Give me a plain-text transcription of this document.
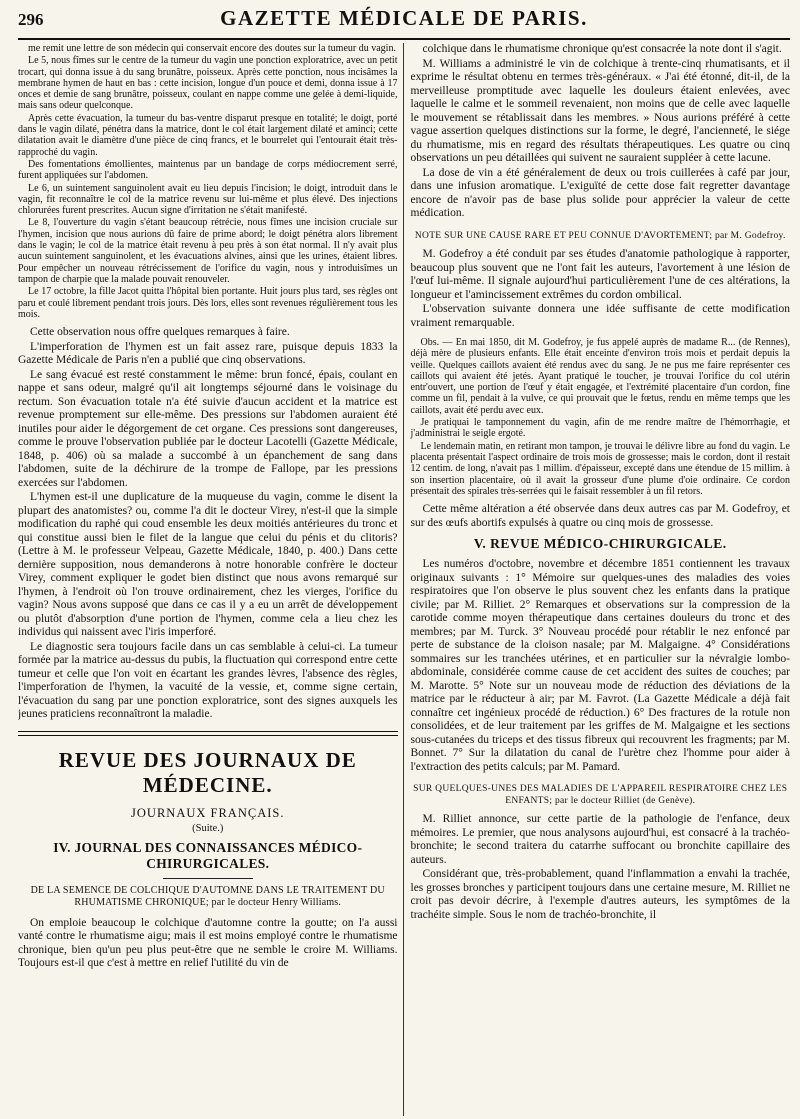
296	GAZETTE MÉDICALE DE PARIS.

me remit une lettre de son médecin qui conservait encore des doutes sur la tumeur du vagin.

Le 5, nous fîmes sur le centre de la tumeur du vagin une ponction exploratrice, avec un petit trocart, qui donna issue à du sang brunâtre, poisseux. Après cette ponction, nous incisâmes la membrane hymen de haut en bas : cette incision, longue d'un pouce et demi, donna issue à 17 onces et demie de sang brunâtre, poisseux, coulant en nappe comme une gelée à demi-liquide, mais sans odeur quelconque.

Après cette évacuation, la tumeur du bas-ventre disparut presque en totalité; le doigt, porté dans le vagin dilaté, pénétra dans la matrice, dont le col était largement dilaté et aminci; cette dilatation avait le diamètre d'une pièce de cinq francs, et le bourrelet qui l'entourait était très-rapproché du vagin.

Des fomentations émollientes, maintenus par un bandage de corps médiocrement serré, furent appliquées sur l'abdomen.

Le 6, un suintement sanguinolent avait eu lieu depuis l'incision; le doigt, introduit dans le vagin, fit reconnaître le col de la matrice revenu sur lui-même et plus élevé. Des injections chlorurées furent prescrites. Aucun signe d'irritation ne s'était manifesté.

Le 8, l'ouverture du vagin s'étant beaucoup rétrécie, nous fîmes une incision cruciale sur l'hymen, incision que nous aurions dû faire de prime abord; le doigt pénétra alors librement dans le vagin; le col de la matrice était revenu à peu près à son état normal. Il n'y avait plus aucun suintement sanguinolent, et les évacuations alvines, ainsi que les urines, étaient libres. Pour empêcher un nouveau rétrécissement de l'orifice du vagin, nous y introduisîmes un tampon de charpie que la malade pouvait renouveler.

Le 17 octobre, la fille Jacot quitta l'hôpital bien portante. Huit jours plus tard, ses règles ont paru et coulé librement pendant trois jours. Dès lors, elles sont revenues régulièrement tous les mois.

Cette observation nous offre quelques remarques à faire.

L'imperforation de l'hymen est un fait assez rare, puisque depuis 1833 la Gazette Médicale de Paris n'en a publié que cinq observations.

Le sang évacué est resté constamment le même: brun foncé, épais, coulant en nappe et sans odeur, malgré qu'il ait longtemps séjourné dans le voisinage du rectum. Son évacuation totale n'a été suivie d'aucun accident et la matrice est revenue promptement sur elle-même. Des pressions sur l'abdomen auraient été inutiles pour aider le dégorgement de cet organe. Ces pressions sont dangereuses, comme le prouve l'observation publiée par le docteur Lacotelli (Gazette Médicale, 1848, p. 406) où sa malade a succombé à un épanchement de sang dans l'abdomen, suite de la déchirure de la trompe de Fallope, par les pressions exercées sur l'abdomen.

L'hymen est-il une duplicature de la muqueuse du vagin, comme le disent la plupart des anatomistes? ou, comme l'a dit le docteur Virey, n'est-il que la simple modification du raphé qui coud ensemble les deux moitiés antérieures du tronc et qui constitue aussi bien le filet de la langue que celui du pénis et du clitoris? (Lettre à M. le professeur Velpeau, Gazette Médicale, 1840, p. 400.) Dans cette dernière supposition, nous demanderons à notre honorable confrère le docteur Virey, comment expliquer le godet bien distinct que nous avons remarqué sur l'hymen, à l'endroit où l'on trouve ordinairement, chez les vierges, l'orifice du vagin? Nous avons supposé que dans ce cas il y a eu un arrêt de développement ou plutôt d'absorption d'une portion de l'hymen, comme cela a lieu chez les individus qui naissent avec l'iris imperforé.

Le diagnostic sera toujours facile dans un cas semblable à celui-ci. La tumeur formée par la matrice au-dessus du pubis, la fluctuation qui correspond entre cette tumeur et celle que l'on voit en écartant les grandes lèvres, l'absence des règles, l'imperforation de l'hymen, la vacuité de la vessie, et, comme signe certain, l'évacuation du sang par une ponction exploratrice, sont des signes auxquels les jeunes praticiens reconnaîtront la maladie.

REVUE DES JOURNAUX DE MÉDECINE.
JOURNAUX FRANÇAIS.
(Suite.)
IV. JOURNAL DES CONNAISSANCES MÉDICO-CHIRURGICALES.
DE LA SEMENCE DE COLCHIQUE D'AUTOMNE DANS LE TRAITEMENT DU RHUMATISME CHRONIQUE; par le docteur Henry Williams.

On emploie beaucoup le colchique d'automne contre la goutte; on l'a aussi vanté contre le rhumatisme aigu; mais il est moins employé contre le rhumatisme chronique, bien qu'un peu plus peut-être que ne semble le croire M. Williams. Toujours est-il que c'est à mettre en relief l'utilité du vin de

colchique dans le rhumatisme chronique qu'est consacrée la note dont il s'agit.

M. Williams a administré le vin de colchique à trente-cinq rhumatisants, et il exprime le résultat obtenu en termes très-généraux. « J'ai été étonné, dit-il, de la merveilleuse promptitude avec laquelle les douleurs étaient enlevées, avec laquelle le calme et le sommeil revenaient, non moins que de celle avec laquelle le mouvement se rétablissait dans les membres. » Nous aurions préféré à cette vague assertion quelques distinctions sur la forme, le degré, l'ancienneté, le siége du rhumatisme, mis en regard des résultats thérapeutiques. Les quatre ou cinq observations un peu détaillées qui suivent ne sauraient suppléer à cette lacune.

La dose de vin a été généralement de deux ou trois cuillerées à café par jour, dans une infusion aromatique. L'exiguïté de cette dose fait regretter davantage encore de n'avoir pas de base plus solide pour apprécier la valeur de cette médication.

NOTE SUR UNE CAUSE RARE ET PEU CONNUE D'AVORTEMENT; par M. Godefroy.

M. Godefroy a été conduit par ses études d'anatomie pathologique à rapporter, beaucoup plus souvent que ne l'ont fait les auteurs, l'avortement à une lésion de l'œuf lui-même. Il signale aujourd'hui particulièrement l'une de ces altérations, la longueur et l'amincissement extrêmes du cordon ombilical.

L'observation suivante donnera une idée suffisante de cette modification vraiment remarquable.

Obs. — En mai 1850, dit M. Godefroy, je fus appelé auprès de madame R... (de Rennes), déjà mère de plusieurs enfants. Elle était enceinte d'environ trois mois et perdait depuis la veille. Quelques caillots avaient été rendus avec du sang. Je ne pus me faire représenter ces caillots qui avaient été jetés. Ayant pratiqué le toucher, je trouvai l'orifice du col utérin entr'ouvert, une portion de l'œuf y était engagée, et l'extrémité placentaire d'un cordon, fine comme un fil, pendait à la vulve, ce qui prouvait que le fœtus, rendu en même temps que les caillots, avait été perdu avec eux.

Je pratiquai le tamponnement du vagin, afin de me rendre maître de l'hémorrhagie, et j'administrai le seigle ergoté.

Le lendemain matin, en retirant mon tampon, je trouvai le délivre libre au fond du vagin. Le placenta présentait l'aspect ordinaire de trois mois de grossesse; mais le cordon, dont il restait 12 centim. de long, n'avait pas 1 millim. d'épaisseur, excepté dans une étendue de 15 millim. à son insertion placentaire, où il avait la grosseur d'une plume d'oie ordinaire. Ce cordon présentait des spirales très-serrées qui le faisait ressembler à un fil retors.

Cette même altération a été observée dans deux autres cas par M. Godefroy, et sur des œufs abortifs expulsés à quatre ou cinq mois de grossesse.

V. REVUE MÉDICO-CHIRURGICALE.

Les numéros d'octobre, novembre et décembre 1851 contiennent les travaux originaux suivants : 1° Mémoire sur quelques-unes des maladies des voies respiratoires que l'on observe le plus souvent chez les enfants dans la pratique civile; par M. Rilliet. 2° Remarques et observations sur la compression de la carotide comme moyen thérapeutique dans certaines douleurs du tronc et des membres; par M. Turck. 3° Nouveau procédé pour rétablir le nez enfoncé par perte de substance de la cloison nasale; par M. Malgaigne. 4° Considérations sommaires sur les tranchées utérines, et en particulier sur la névralgie lombo-abdominale, considérée comme cause de cet accident des suites de couches; par M. Marotte. 5° Note sur un nouveau mode de réduction des déviations de la matrice par le réducteur à air; par M. Favrot. (La Gazette Médicale a déjà fait connaître cet ingénieux procédé de réduction.) 6° Des fractures de la rotule non consolidées, et de leur traitement par les griffes de M. Malgaigne et les sections sous-cutanées du triceps et des tissus fibreux qui recouvrent les fragments; par M. Bonnet. 7° Sur la dilatation du canal de l'urètre chez l'homme pour aider à l'extraction des petits calculs; par M. Pamard.

SUR QUELQUES-UNES DES MALADIES DE L'APPAREIL RESPIRATOIRE CHEZ LES ENFANTS; par le docteur Rilliet (de Genève).

M. Rilliet annonce, sur cette partie de la pathologie de l'enfance, deux mémoires. Le premier, que nous analysons aujourd'hui, est consacré à la trachéo-bronchite; le second traitera du catarrhe suffocant ou bronchite capillaire des auteurs.

Considérant que, très-probablement, quand l'inflammation a envahi la trachée, les grosses bronches y participent toujours dans une certaine mesure, M. Rilliet ne croit pas devoir décrire, à l'exemple d'autres auteurs, les symptômes de la trachéite simple. Sous le nom de trachéo-bronchite, il
